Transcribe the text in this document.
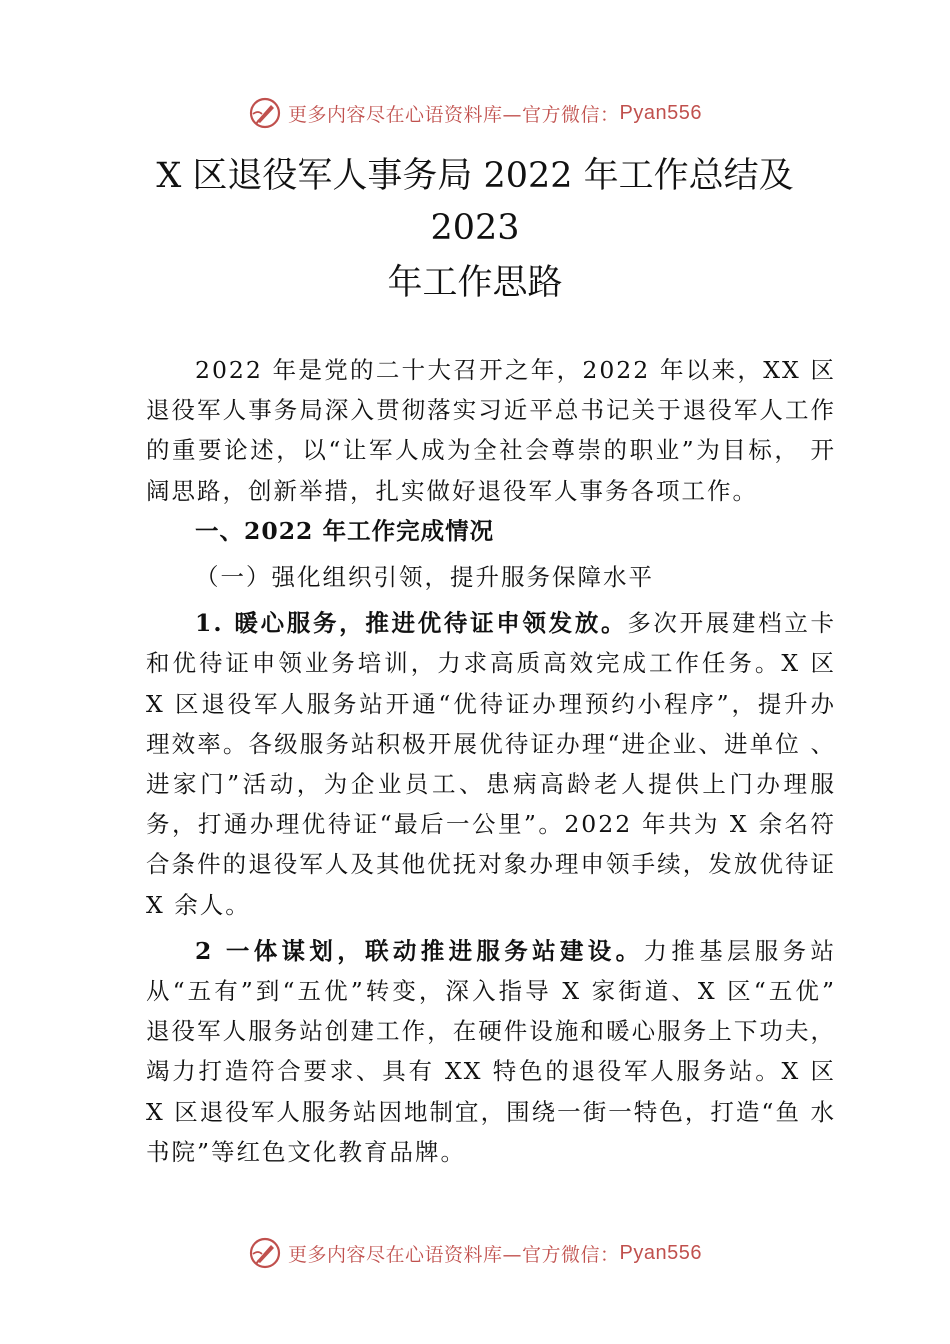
更多内容尽在心语资料库—官方微信： Pyan556
X 区退役军人事务局 2022 年工作总结及 2023
年工作思路

2022 年是党的二十大召开之年，2022 年以来，XX 区退役军人事务局深入贯彻落实习近平总书记关于退役军人工作的重要论述，以“让军人成为全社会尊崇的职业”为目标， 开阔思路，创新举措，扎实做好退役军人事务各项工作。

一、2022 年工作完成情况

（一）强化组织引领，提升服务保障水平

1. 暖心服务，推进优待证申领发放。多次开展建档立卡和优待证申领业务培训，力求高质高效完成工作任务。X 区 X 区退役军人服务站开通“优待证办理预约小程序”，提升办理效率。各级服务站积极开展优待证办理“进企业、进单位 、进家门”活动，为企业员工、患病高龄老人提供上门办理服务，打通办理优待证“最后一公里”。2022 年共为 X 余名符合条件的退役军人及其他优抚对象办理申领手续，发放优待证 X 余人。

2 一体谋划，联动推进服务站建设。力推基层服务站从“五有”到“五优”转变，深入指导 X 家街道、X 区“五优” 退役军人服务站创建工作，在硬件设施和暖心服务上下功夫， 竭力打造符合要求、具有 XX 特色的退役军人服务站。X 区 X 区退役军人服务站因地制宜，围绕一街一特色，打造“鱼 水书院”等红色文化教育品牌。

更多内容尽在心语资料库—官方微信： Pyan556
